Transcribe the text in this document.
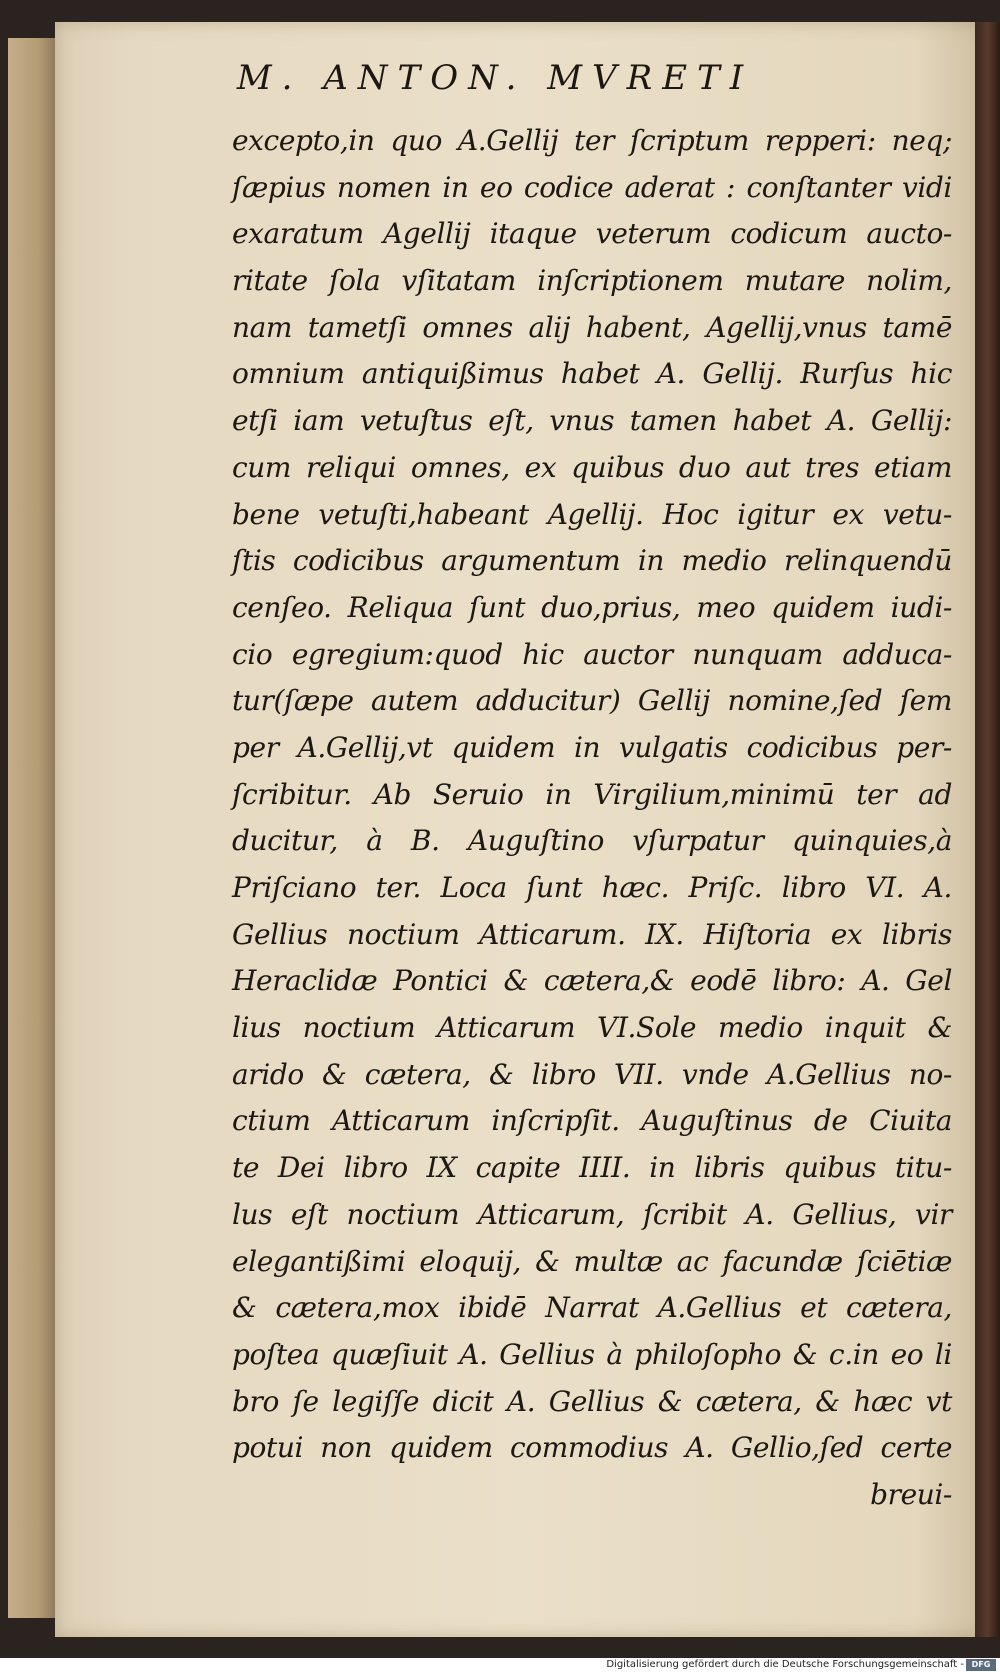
M. ANTON. MVRETI
excepto,in quo A.Gellij ter ſcriptum repperi: neq;
ſæpius nomen in eo codice aderat : conſtanter vidi
exaratum Agellij itaque veterum codicum aucto-
ritate ſola vſitatam inſcriptionem mutare nolim,
nam tametſi omnes alij habent, Agellij,vnus tamē
omnium antiquißimus habet A. Gellij. Rurſus hic
etſi iam vetuſtus eſt, vnus tamen habet A. Gellij:
cum reliqui omnes, ex quibus duo aut tres etiam
bene vetuſti,habeant Agellij. Hoc igitur ex vetu-
ſtis codicibus argumentum in medio relinquendū
cenſeo. Reliqua ſunt duo,prius, meo quidem iudi-
cio egregium:quod hic auctor nunquam adduca-
tur(ſæpe autem adducitur) Gellij nomine,ſed ſem
per A.Gellij,vt quidem in vulgatis codicibus per-
ſcribitur. Ab Seruio in Virgilium,minimū ter ad
ducitur, à B. Auguſtino vſurpatur quinquies,à
Priſciano ter. Loca ſunt hæc. Priſc. libro VI. A.
Gellius noctium Atticarum. IX. Hiſtoria ex libris
Heraclidæ Pontici & cætera,& eodē libro: A. Gel
lius noctium Atticarum VI.Sole medio inquit &
arido & cætera, & libro VII. vnde A.Gellius no-
ctium Atticarum inſcripſit. Auguſtinus de Ciuita
te Dei libro IX capite IIII. in libris quibus titu-
lus eſt noctium Atticarum, ſcribit A. Gellius, vir
elegantißimi eloquij, & multæ ac facundæ ſciētiæ
& cætera,mox ibidē Narrat A.Gellius et cætera,
poſtea quæſiuit A. Gellius à philoſopho & c.in eo li
bro ſe legiſſe dicit A. Gellius & cætera, & hæc vt
potui non quidem commodius A. Gellio,ſed certe
breui-
Digitalisierung gefördert durch die Deutsche Forschungsgemeinschaft - DFG
